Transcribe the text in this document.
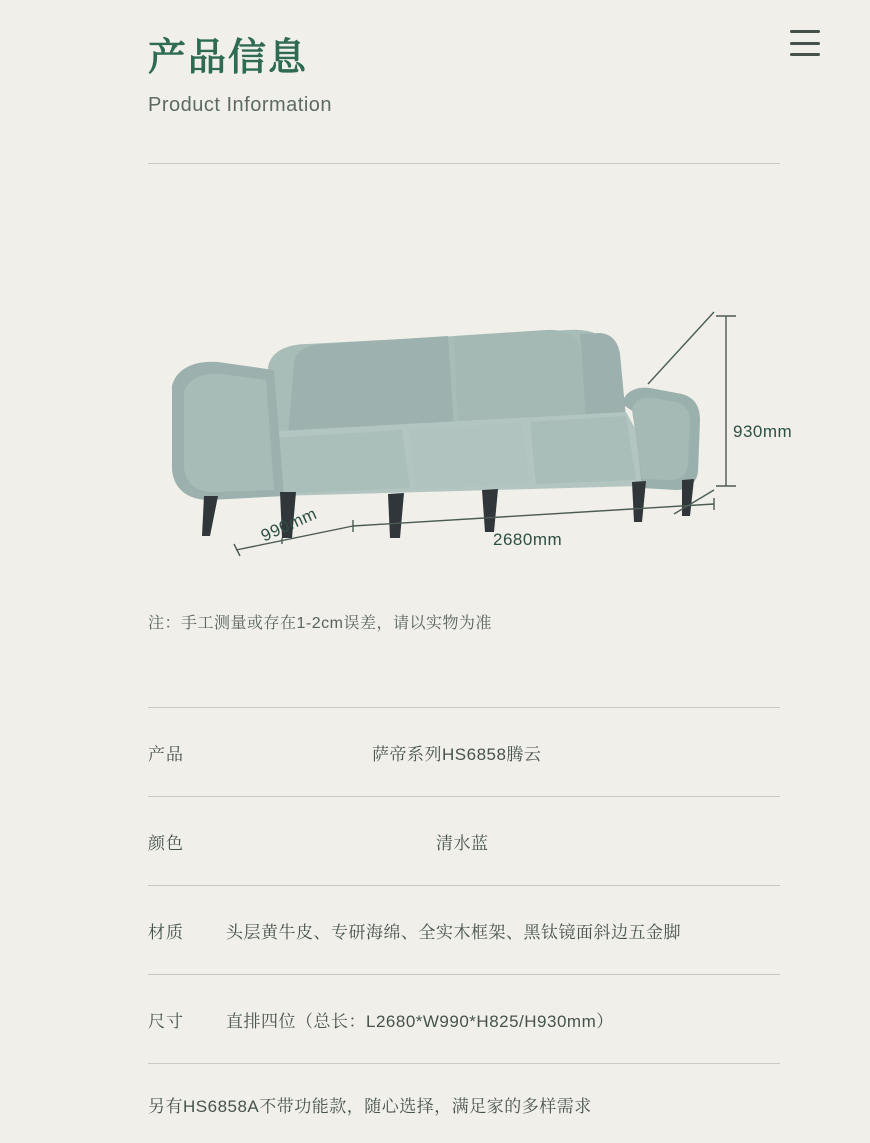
产品信息
Product Information
930mm
2680mm
990mm
注：手工测量或存在1-2cm误差，请以实物为准
产品	萨帝系列HS6858腾云
颜色	清水蓝
材质	头层黄牛皮、专研海绵、全实木框架、黑钛镜面斜边五金脚
尺寸	直排四位（总长：L2680*W990*H825/H930mm）
另有HS6858A不带功能款，随心选择，满足家的多样需求
